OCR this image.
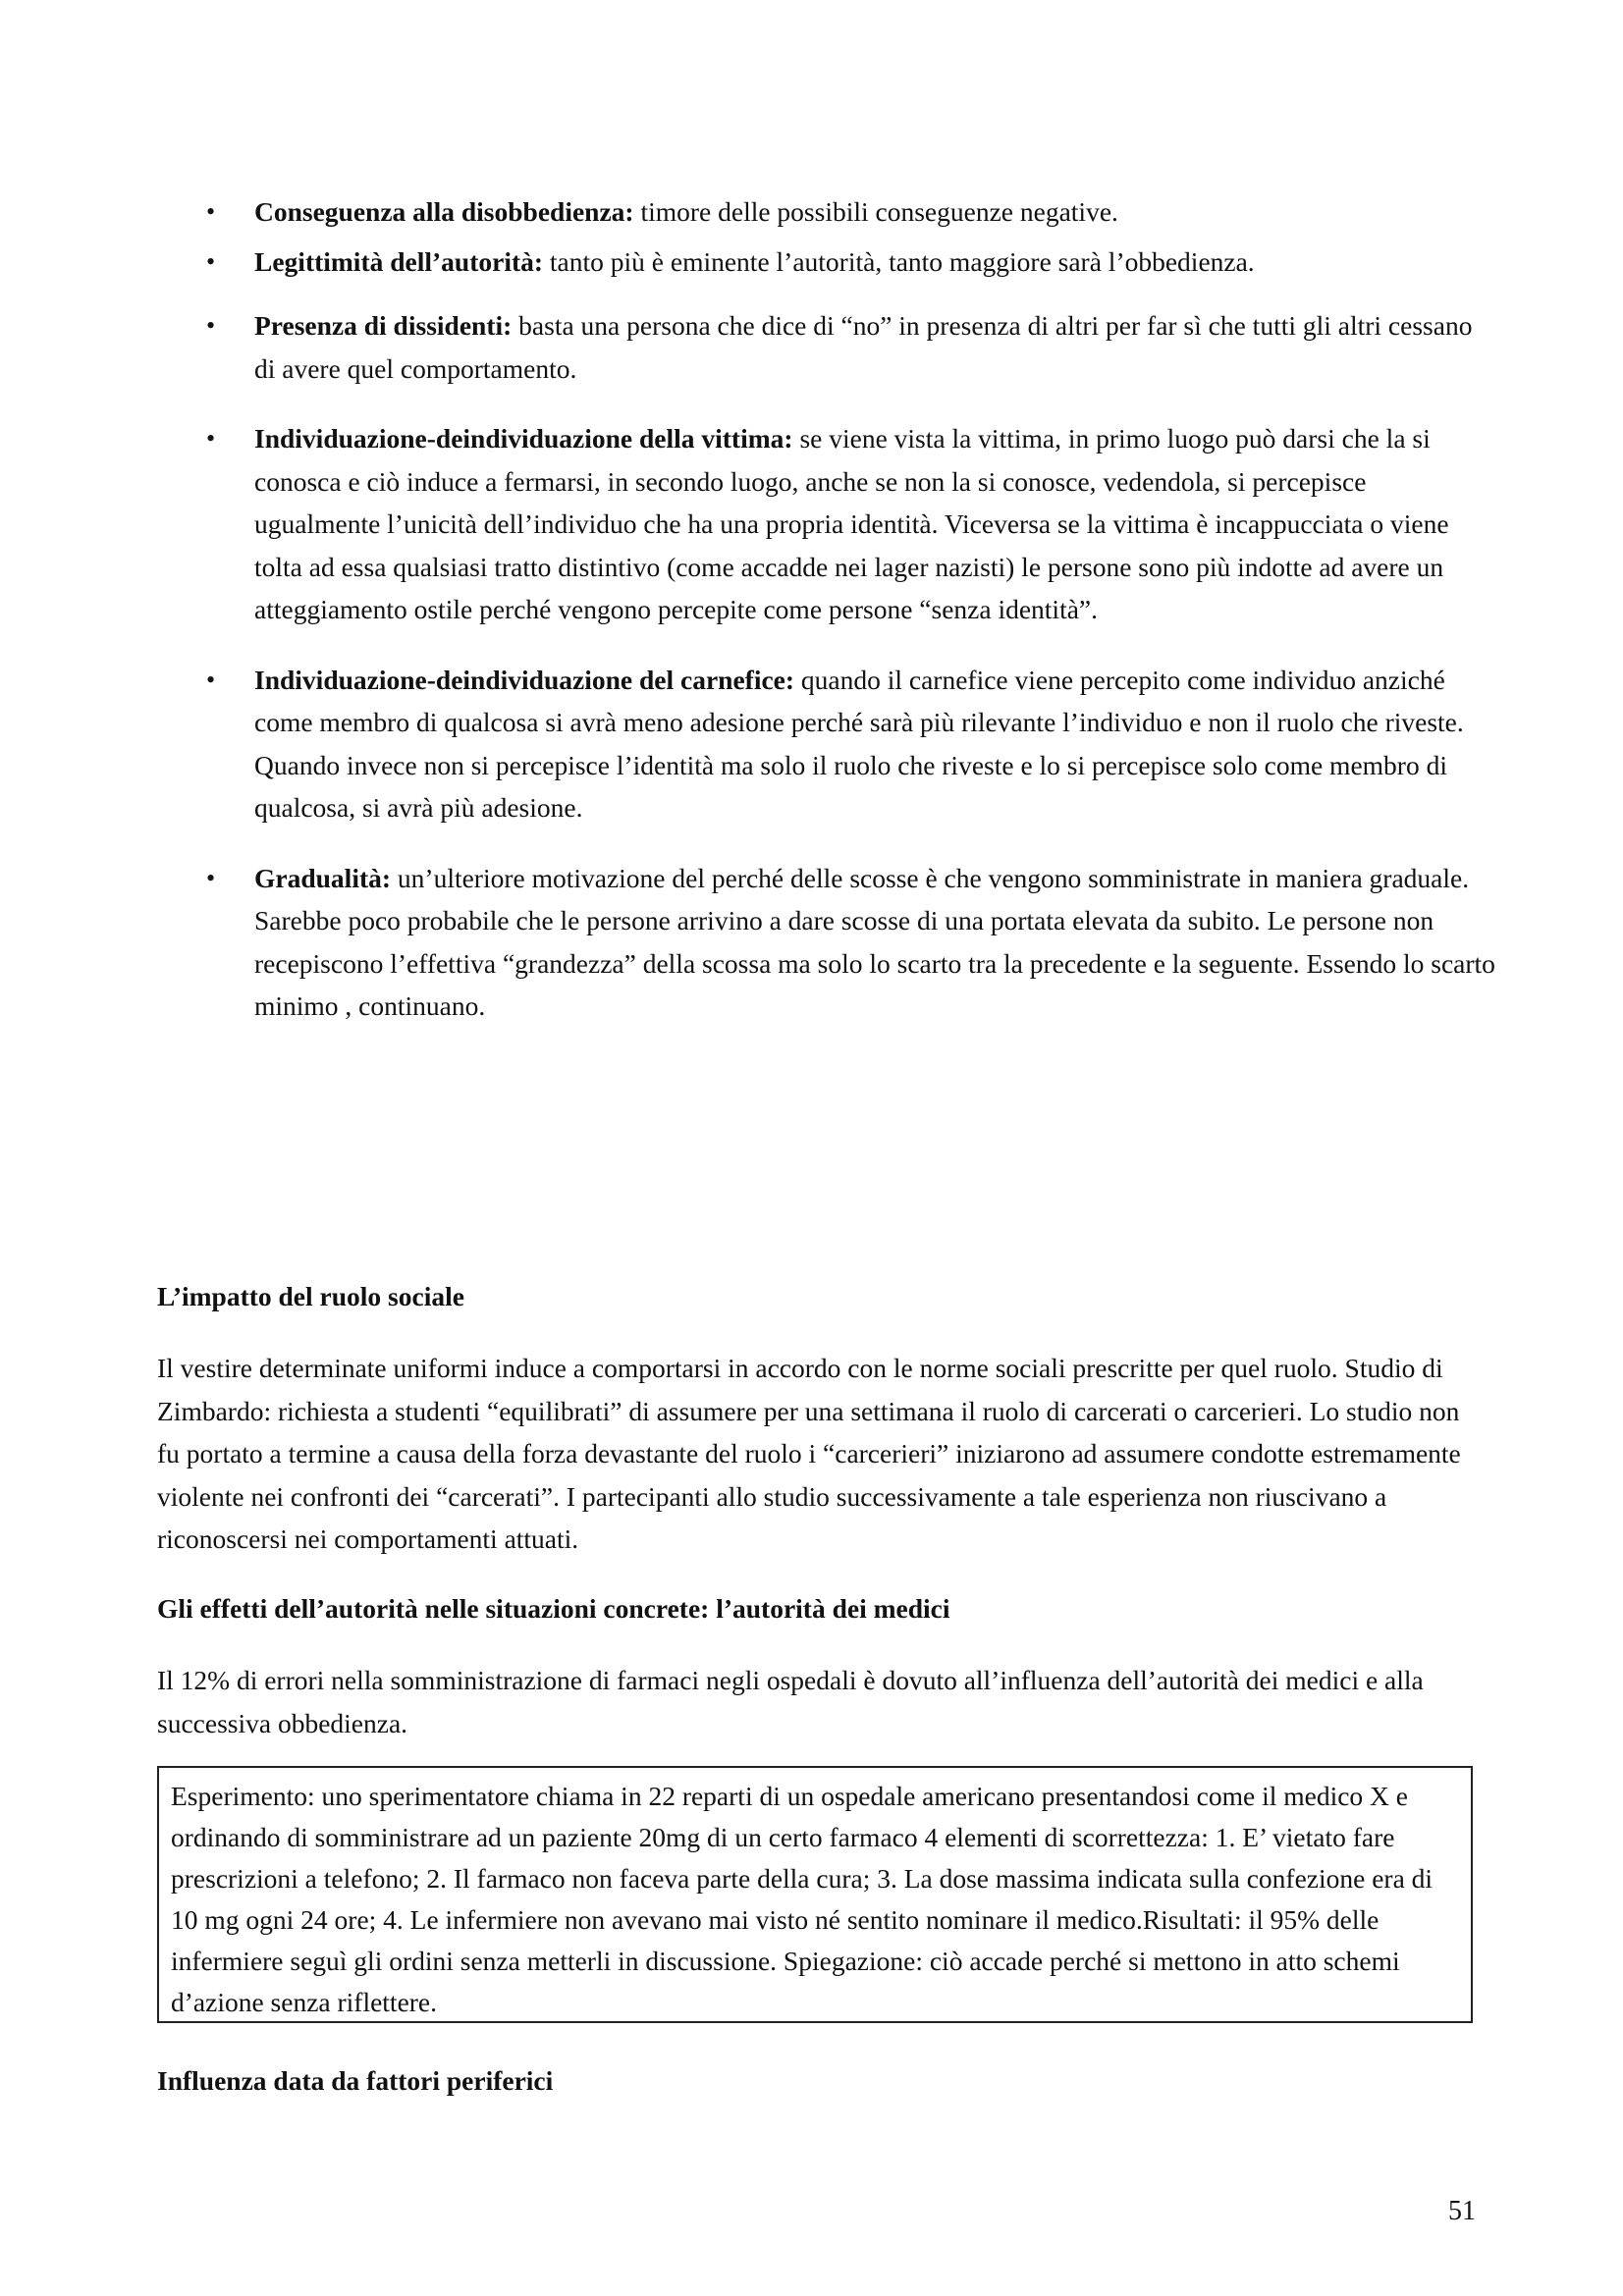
• Conseguenza alla disobbedienza: timore delle possibili conseguenze negative.
• Legittimità dell’autorità: tanto più è eminente l’autorità, tanto maggiore sarà l’obbedienza.
• Presenza di dissidenti: basta una persona che dice di “no” in presenza di altri per far sì che tutti gli altri cessano di avere quel comportamento.
• Individuazione-deindividuazione della vittima: se viene vista la vittima, in primo luogo può darsi che la si conosca e ciò induce a fermarsi, in secondo luogo, anche se non la si conosce, vedendola, si percepisce ugualmente l’unicità dell’individuo che ha una propria identità. Viceversa se la vittima è incappucciata o viene tolta ad essa qualsiasi tratto distintivo (come accadde nei lager nazisti) le persone sono più indotte ad avere un atteggiamento ostile perché vengono percepite come persone “senza identità”.
• Individuazione-deindividuazione del carnefice: quando il carnefice viene percepito come individuo anziché come membro di qualcosa si avrà meno adesione perché sarà più rilevante l’individuo e non il ruolo che riveste. Quando invece non si percepisce l’identità ma solo il ruolo che riveste e lo si percepisce solo come membro di qualcosa, si avrà più adesione.
• Gradualità: un’ulteriore motivazione del perché delle scosse è che vengono somministrate in maniera graduale. Sarebbe poco probabile che le persone arrivino a dare scosse di una portata elevata da subito. Le persone non recepiscono l’effettiva “grandezza” della scossa ma solo lo scarto tra la precedente e la seguente. Essendo lo scarto minimo , continuano.
L’impatto del ruolo sociale
Il vestire determinate uniformi induce a comportarsi in accordo con le norme sociali prescritte per quel ruolo. Studio di Zimbardo: richiesta a studenti “equilibrati” di assumere per una settimana il ruolo di carcerati o carcerieri. Lo studio non fu portato a termine a causa della forza devastante del ruolo i “carcerieri” iniziarono ad assumere condotte estremamente violente nei confronti dei “carcerati”. I partecipanti allo studio successivamente a tale esperienza non riuscivano a riconoscersi nei comportamenti attuati.
Gli effetti dell’autorità nelle situazioni concrete: l’autorità dei medici
Il 12% di errori nella somministrazione di farmaci negli ospedali è dovuto all’influenza dell’autorità dei medici e alla successiva obbedienza.
Esperimento: uno sperimentatore chiama in 22 reparti di un ospedale americano presentandosi come il medico X e ordinando di somministrare ad un paziente 20mg di un certo farmaco 4 elementi di scorrettezza: 1. E’ vietato fare prescrizioni a telefono; 2. Il farmaco non faceva parte della cura; 3. La dose massima indicata sulla confezione era di 10 mg ogni 24 ore; 4. Le infermiere non avevano mai visto né sentito nominare il medico.Risultati: il 95% delle infermiere seguì gli ordini senza metterli in discussione. Spiegazione: ciò accade perché si mettono in atto schemi d’azione senza riflettere.
Influenza data da fattori periferici
51
